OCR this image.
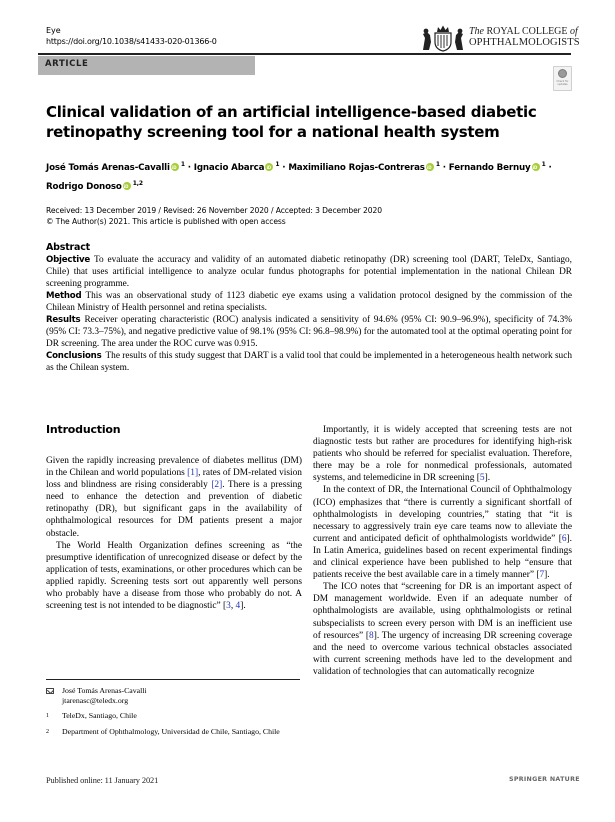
Eye
https://doi.org/10.1038/s41433-020-01366-0
The ROYAL COLLEGE of
OPHTHALMOLOGISTS
ARTICLE
Check for updates
Clinical validation of an artificial intelligence-based diabetic retinopathy screening tool for a national health system
José Tomás Arenas-Cavalli iD $^1$ · Ignacio Abarca iD $^1$ · Maximiliano Rojas-Contreras iD $^1$ · Fernando Bernuy iD $^1$ ·
Rodrigo Donoso iD $^{1,2}$
Received: 13 December 2019 / Revised: 26 November 2020 / Accepted: 3 December 2020
© The Author(s) 2021. This article is published with open access
Abstract

Objective To evaluate the accuracy and validity of an automated diabetic retinopathy (DR) screening tool (DART, TeleDx, Santiago, Chile) that uses artificial intelligence to analyze ocular fundus photographs for potential implementation in the national Chilean DR screening programme.

Method This was an observational study of 1123 diabetic eye exams using a validation protocol designed by the commission of the Chilean Ministry of Health personnel and retina specialists.

Results Receiver operating characteristic (ROC) analysis indicated a sensitivity of 94.6% (95% CI: 90.9–96.9%), specificity of 74.3% (95% CI: 73.3–75%), and negative predictive value of 98.1% (95% CI: 96.8–98.9%) for the automated tool at the optimal operating point for DR screening. The area under the ROC curve was 0.915.

Conclusions The results of this study suggest that DART is a valid tool that could be implemented in a heterogeneous health network such as the Chilean system.

Introduction

Given the rapidly increasing prevalence of diabetes mellitus (DM) in the Chilean and world populations [1], rates of DM-related vision loss and blindness are rising considerably [2]. There is a pressing need to enhance the detection and prevention of diabetic retinopathy (DR), but significant gaps in the availability of ophthalmological resources for DM patients present a major obstacle.

The World Health Organization defines screening as “the presumptive identification of unrecognized disease or defect by the application of tests, examinations, or other procedures which can be applied rapidly. Screening tests sort out apparently well persons who probably have a disease from those who probably do not. A screening test is not intended to be diagnostic” [3, 4].

Importantly, it is widely accepted that screening tests are not diagnostic tests but rather are procedures for identifying high-risk patients who should be referred for specialist evaluation. Therefore, there may be a role for nonmedical professionals, automated systems, and telemedicine in DR screening [5].

In the context of DR, the International Council of Ophthalmology (ICO) emphasizes that “there is currently a significant shortfall of ophthalmologists in developing countries,” stating that “it is necessary to aggressively train eye care teams now to alleviate the current and anticipated deficit of ophthalmologists worldwide” [6]. In Latin America, guidelines based on recent experimental findings and clinical experience have been published to help “ensure that patients receive the best available care in a timely manner” [7].

The ICO notes that “screening for DR is an important aspect of DM management worldwide. Even if an adequate number of ophthalmologists are available, using ophthalmologists or retinal subspecialists to screen every person with DM is an inefficient use of resources” [8]. The urgency of increasing DR screening coverage and the need to overcome various technical obstacles associated with current screening methods have led to the development and validation of technologies that can automatically recognize

José Tomás Arenas-Cavalli
jtarenasc@teledx.org
1 TeleDx, Santiago, Chile
2 Department of Ophthalmology, Universidad de Chile, Santiago, Chile
Published online: 11 January 2021	SPRINGER NATURE
